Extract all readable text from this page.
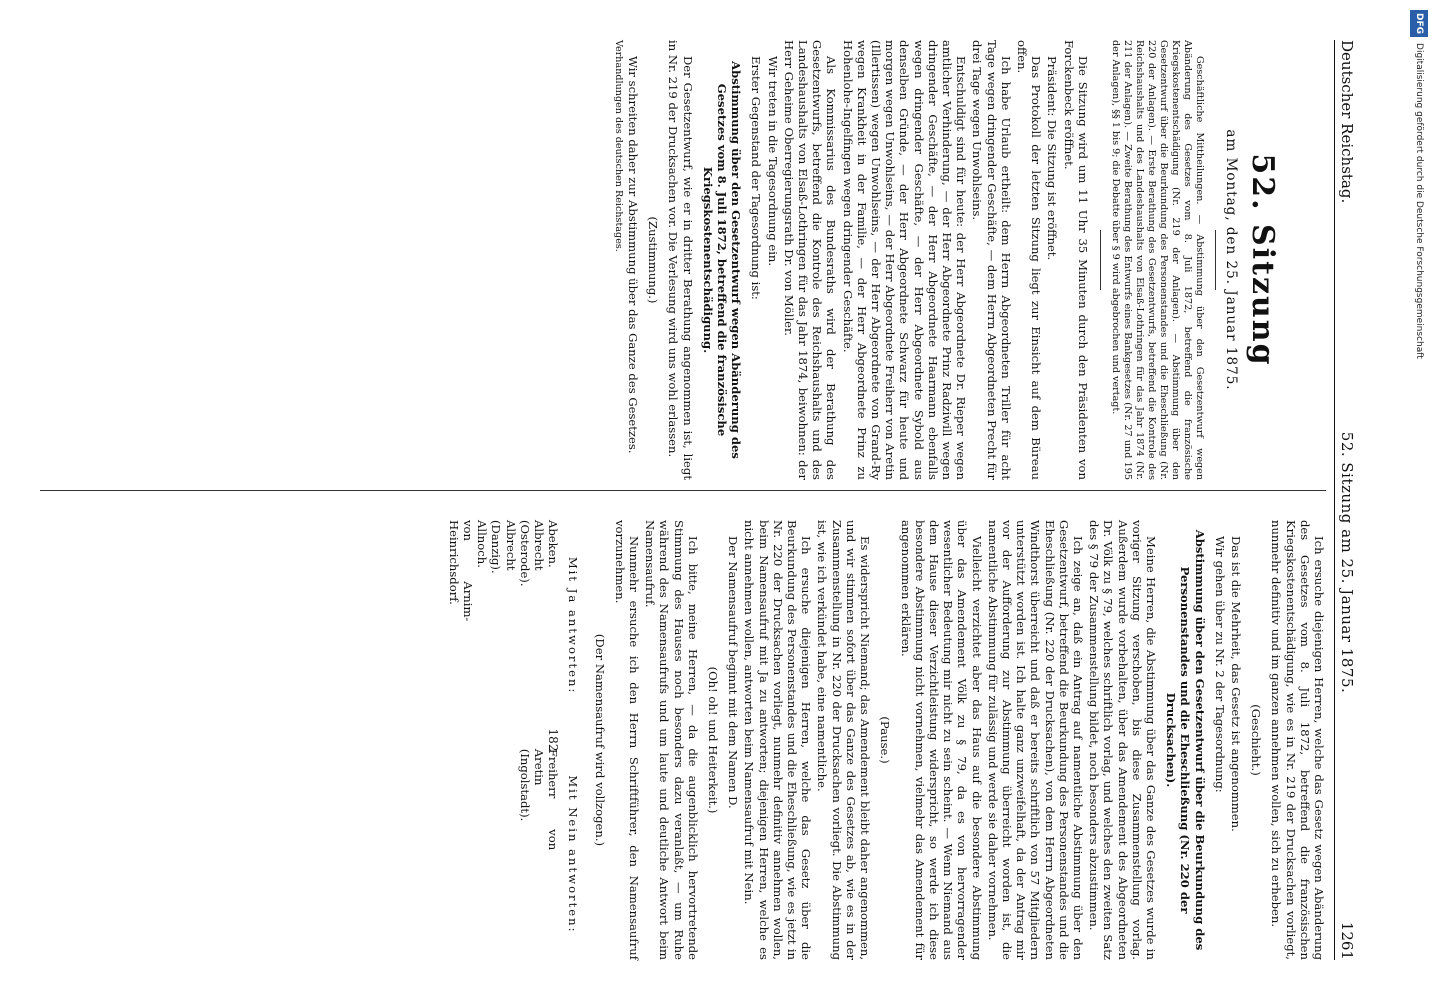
Deutscher Reichstag.
52. Sitzung am 25. Januar 1875.
1261

52. Sitzung

am Montag, den 25. Januar 1875.

Geschäftliche Mittheilungen. — Abstimmung über den Gesetzentwurf wegen Abänderung des Gesetzes vom 8. Juli 1872, betreffend die französische Kriegskostenentschädigung (Nr. 219 der Anlagen). — Abstimmung über den Gesetzentwurf über die Beurkundung des Personenstandes und die Eheschließung (Nr. 220 der Anlagen). — Erste Berathung des Gesetzentwurfs, betreffend die Kontrole des Reichshaushalts und des Landeshaushalts von Elsaß-Lothringen für das Jahr 1874 (Nr. 211 der Anlagen). — Zweite Berathung des Entwurfs eines Bankgesetzes (Nr. 27 und 195 der Anlagen), §§ 1 bis 9; die Debatte über § 9 wird abgebrochen und vertagt.

Die Sitzung wird um 11 Uhr 35 Minuten durch den Präsidenten von Forckenbeck eröffnet.

Präsident: Die Sitzung ist eröffnet.

Das Protokoll der letzten Sitzung liegt zur Einsicht auf dem Büreau offen.

Ich habe Urlaub ertheilt: dem Herrn Abgeordneten Triller für acht Tage wegen dringender Geschäfte, — dem Herrn Abgeordneten Precht für drei Tage wegen Unwohlseins.

Entschuldigt sind für heute: der Herr Abgeordnete Dr. Rieper wegen amtlicher Verhinderung, — der Herr Abgeordnete Prinz Radziwill wegen dringender Geschäfte, — der Herr Abgeordnete Haarmann ebenfalls wegen dringender Geschäfte, — der Herr Abgeordnete Sybold aus denselben Gründe, — der Herr Abgeordnete Schwarz für heute und morgen wegen Unwohlseins, — der Herr Abgeordnete Freiherr von Aretin (Illertissen) wegen Unwohlseins, — der Herr Abgeordnete von Grand-Ry wegen Krankheit in der Familie, — der Herr Abgeordnete Prinz zu Hohenlohe-Ingelfingen wegen dringender Geschäfte.

Als Kommissarius des Bundesraths wird der Berathung des Gesetzentwurfs, betreffend die Kontrole des Reichshaushalts und des Landeshaushalts von Elsaß-Lothringen für das Jahr 1874, beiwohnen: der Herr Geheime Oberregierungsrath Dr. von Möller.

Wir treten in die Tagesordnung ein.

Erster Gegenstand der Tagesordnung ist:

Abstimmung über den Gesetzentwurf wegen Abänderung des Gesetzes vom 8. Juli 1872, betreffend die französische Kriegskostenentschädigung.

Der Gesetzentwurf, wie er in dritter Berathung angenommen ist, liegt in Nr. 219 der Drucksachen vor. Die Verlesung wird uns wohl erlassen.

(Zustimmung.)

Wir schreiten daher zur Abstimmung über das Ganze des Gesetzes.

Verhandlungen des deutschen Reichstages.

Ich ersuche diejenigen Herren, welche das Gesetz wegen Abänderung des Gesetzes vom 8. Juli 1872, betreffend die französischen Kriegskostenentschädigung, wie es in Nr. 219 der Drucksachen vorliegt, nunmehr definitiv und im ganzen annehmen wollen, sich zu erheben.

(Geschieht.)

Das ist die Mehrheit, das Gesetz ist angenommen.

Wir gehen über zu Nr. 2 der Tagesordnung:

Abstimmung über den Gesetzentwurf über die Beurkundung des Personenstandes und die Eheschließung (Nr. 220 der Drucksachen).

Meine Herren, die Abstimmung über das Ganze des Gesetzes wurde in voriger Sitzung verschoben, bis diese Zusammenstellung vorlag. Außerdem wurde vorbehalten, über das Amendement des Abgeordneten Dr. Völk zu § 79, welches schriftlich vorlag, und welches den zweiten Satz des § 79 der Zusammenstellung bildet, noch besonders abzustimmen.

Ich zeige an, daß ein Antrag auf namentliche Abstimmung über den Gesetzentwurf, betreffend die Beurkundung des Personenstandes und die Eheschließung (Nr. 220 der Drucksachen), von dem Herrn Abgeordneten Windthorst überreicht und daß er bereits schriftlich von 57 Mitgliedern unterstützt worden ist. Ich halte ganz unzweifelhaft, da der Antrag mir vor der Aufforderung zur Abstimmung überreicht worden ist, die namentliche Abstimmung für zulässig und werde sie daher vornehmen.

Vielleicht verzichtet aber das Haus auf die besondere Abstimmung über das Amendement Völk zu § 79, da es von hervorragender wesentlicher Bedeutung mir nicht zu sein scheint. — Wenn Niemand aus dem Hause dieser Verzichtleistung widerspricht, so werde ich diese besondere Abstimmung nicht vornehmen, vielmehr das Amendement für angenommen erklären.

(Pause.)

Es widerspricht Niemand; das Amendement bleibt daher angenommen, und wir stimmen sofort über das Ganze des Gesetzes ab, wie es in der Zusammenstellung in Nr. 220 der Drucksachen vorliegt. Die Abstimmung ist, wie ich verkündet habe, eine namentliche.

Ich ersuche diejenigen Herren, welche das Gesetz über die Beurkundung des Personenstandes und die Eheschließung, wie es jetzt in Nr. 220 der Drucksachen vorliegt, nunmehr definitiv annehmen wollen, beim Namensaufruf mit Ja zu antworten; diejenigen Herren, welche es nicht annehmen wollen, antworten beim Namensaufruf mit Nein.

Der Namensaufruf beginnt mit dem Namen D.

(Oh! oh! und Heiterkeit.)

Ich bitte, meine Herren, — da die augenblicklich hervortretende Stimmung des Hauses noch besonders dazu veranlaßt, — um Ruhe während des Namensaufrufs und um laute und deutliche Antwort beim Namensaufruf.

Nunmehr ersuche ich den Herrn Schriftführer, den Namensaufruf vorzunehmen.

(Der Namensaufruf wird vollzogen.)

Mit Ja antworten:

Abeken.
Albrecht (Osterode).
Albrecht (Danzig).
Allnoch.
von Arnim-Heinrichsdorf.

Mit Nein antworten:

Freiherr von Aretin (Ingolstadt).
182
DFGDigitalisierung gefördert durch die Deutsche Forschungsgemeinschaft
